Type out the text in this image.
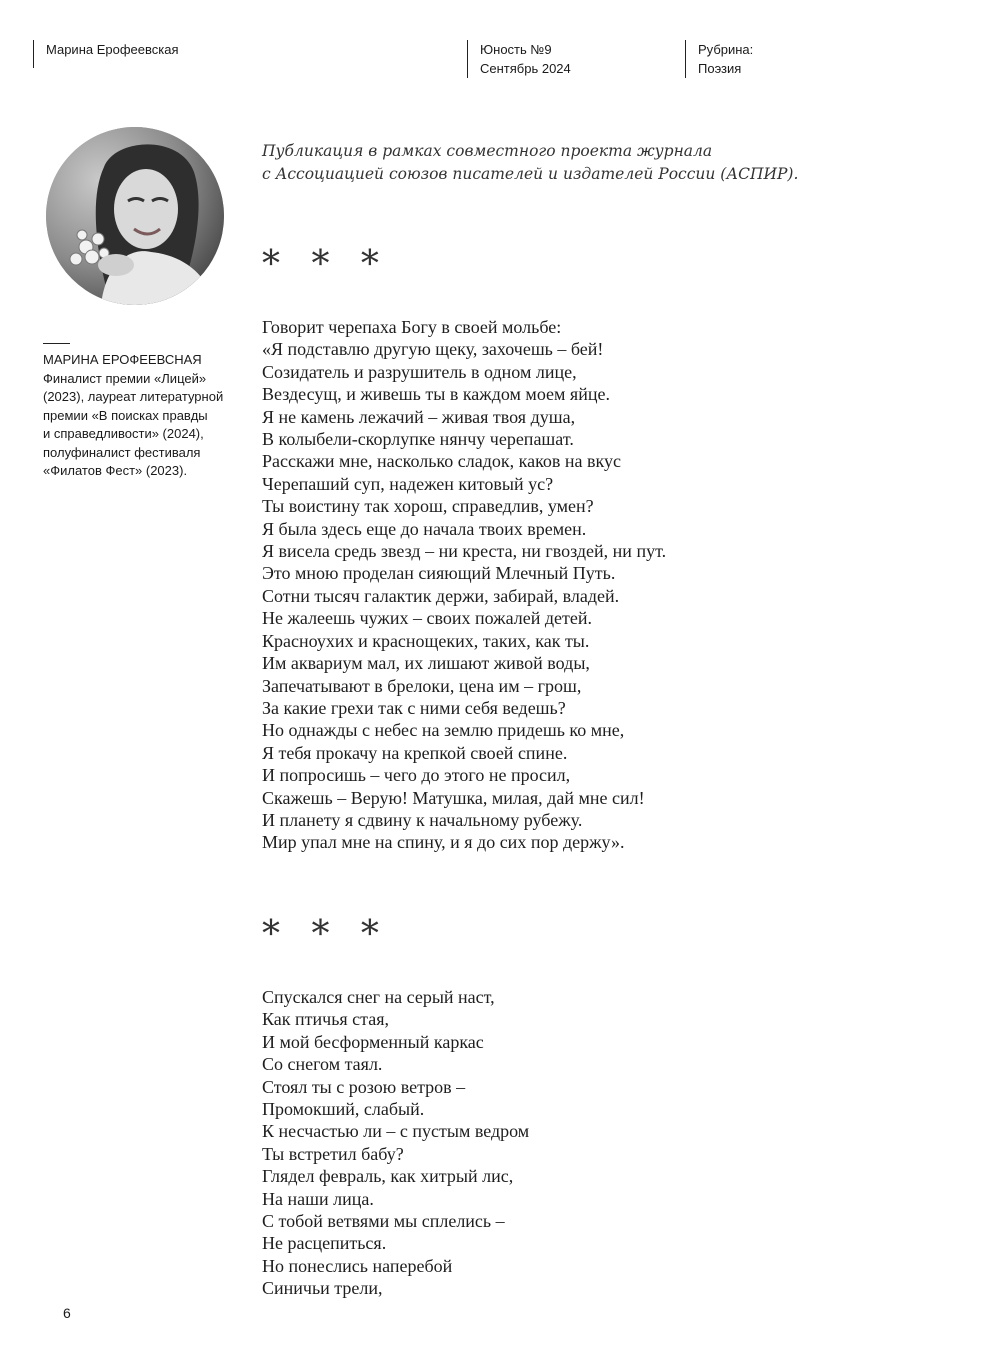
Марина Ерофеевская	Юность №9
Сентябрь 2024
Рубрина:
Поэзия
МАРИНА ЕРОФЕЕВСНАЯ
Финалист премии «Лицей»
(2023), лауреат литературной
премии «В поисках правды
и справедливости» (2024),
полуфиналист фестиваля
«Филатов Фест» (2023).
Публикация в рамках совместного проекта журнала
с Ассоциацией союзов писателей и издателей России (АСПИР).
* * *
Говорит черепаха Богу в своей мольбе:
«Я подставлю другую щеку, захочешь – бей!
Созидатель и разрушитель в одном лице,
Вездесущ, и живешь ты в каждом моем яйце.
Я не камень лежачий – живая твоя душа,
В колыбели-скорлупке нянчу черепашат.
Расскажи мне, насколько сладок, каков на вкус
Черепаший суп, надежен китовый ус?
Ты воистину так хорош, справедлив, умен?
Я была здесь еще до начала твоих времен.
Я висела средь звезд – ни креста, ни гвоздей, ни пут.
Это мною проделан сияющий Млечный Путь.
Сотни тысяч галактик держи, забирай, владей.
Не жалеешь чужих – своих пожалей детей.
Красноухих и краснощеких, таких, как ты.
Им аквариум мал, их лишают живой воды,
Запечатывают в брелоки, цена им – грош,
За какие грехи так с ними себя ведешь?
Но однажды с небес на землю придешь ко мне,
Я тебя прокачу на крепкой своей спине.
И попросишь – чего до этого не просил,
Скажешь – Верую! Матушка, милая, дай мне сил!
И планету я сдвину к начальному рубежу.
Мир упал мне на спину, и я до сих пор держу».
* * *
Спускался снег на серый наст,
Как птичья стая,
И мой бесформенный каркас
Со снегом таял.
Стоял ты с розою ветров –
Промокший, слабый.
К несчастью ли – с пустым ведром
Ты встретил бабу?
Глядел февраль, как хитрый лис,
На наши лица.
С тобой ветвями мы сплелись –
Не расцепиться.
Но понеслись наперебой
Синичьи трели,
6
